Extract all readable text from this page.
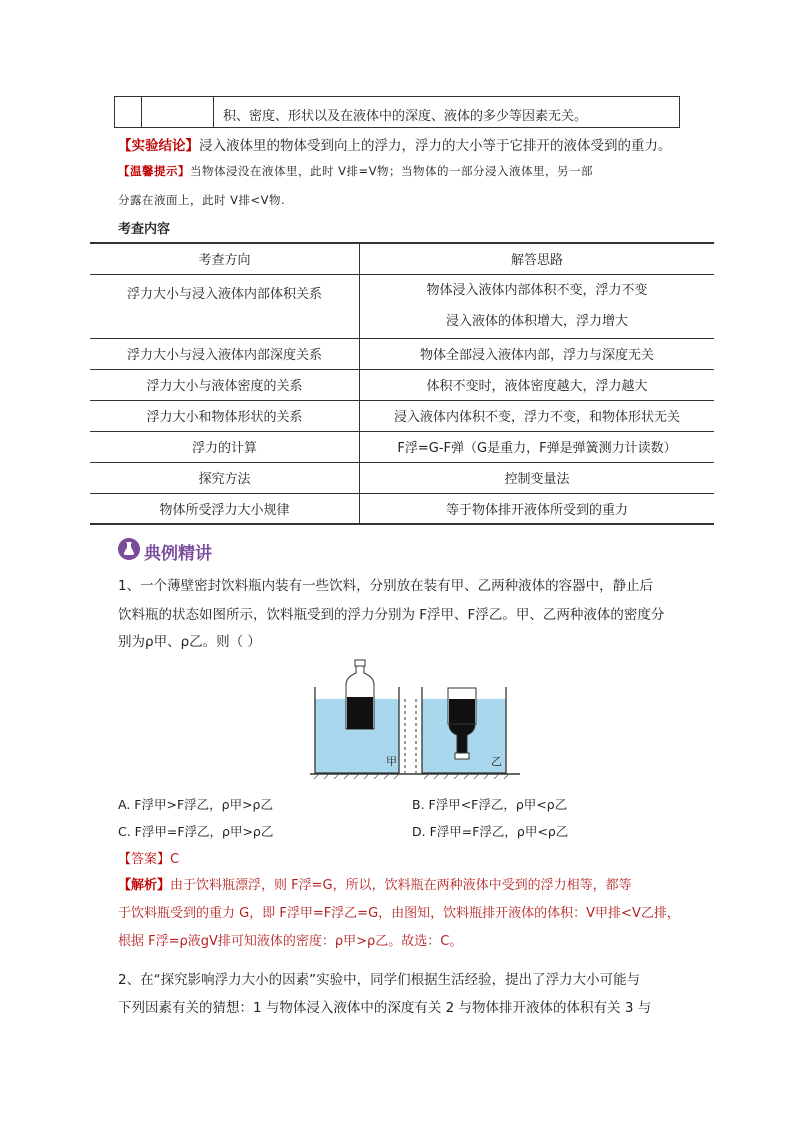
积、密度、形状以及在液体中的深度、液体的多少等因素无关。
【实验结论】浸入液体里的物体受到向上的浮力，浮力的大小等于它排开的液体受到的重力。
【温馨提示】当物体浸没在液体里，此时 V排=V物；当物体的一部分浸入液体里，另一部
分露在液面上，此时 V排<V物.
考查内容
考查方向	解答思路
浮力大小与浸入液体内部体积关系	物体浸入液体内部体积不变，浮力不变
浸入液体的体积增大，浮力增大

浮力大小与浸入液体内部深度关系	物体全部浸入液体内部，浮力与深度无关
浮力大小与液体密度的关系	体积不变时，液体密度越大，浮力越大
浮力大小和物体形状的关系	浸入液体内体积不变，浮力不变，和物体形状无关
浮力的计算	F浮=G-F弹（G是重力，F弹是弹簧测力计读数）
探究方法	控制变量法
物体所受浮力大小规律	等于物体排开液体所受到的重力
典例精讲
1、一个薄壁密封饮料瓶内装有一些饮料，分别放在装有甲、乙两种液体的容器中，静止后
饮料瓶的状态如图所示，饮料瓶受到的浮力分别为 F浮甲、F浮乙。甲、乙两种液体的密度分
别为ρ甲、ρ乙。则（ ）
甲	乙
A. F浮甲>F浮乙，ρ甲>ρ乙	B. F浮甲<F浮乙，ρ甲<ρ乙
C. F浮甲=F浮乙，ρ甲>ρ乙	D. F浮甲=F浮乙，ρ甲<ρ乙
【答案】C
【解析】由于饮料瓶漂浮，则 F浮=G，所以，饮料瓶在两种液体中受到的浮力相等，都等
于饮料瓶受到的重力 G，即 F浮甲=F浮乙=G，由图知，饮料瓶排开液体的体积：V甲排<V乙排，
根据 F浮=ρ液gV排可知液体的密度：ρ甲>ρ乙。故选：C。
2、在“探究影响浮力大小的因素”实验中，同学们根据生活经验，提出了浮力大小可能与
下列因素有关的猜想：1 与物体浸入液体中的深度有关 2 与物体排开液体的体积有关 3 与
